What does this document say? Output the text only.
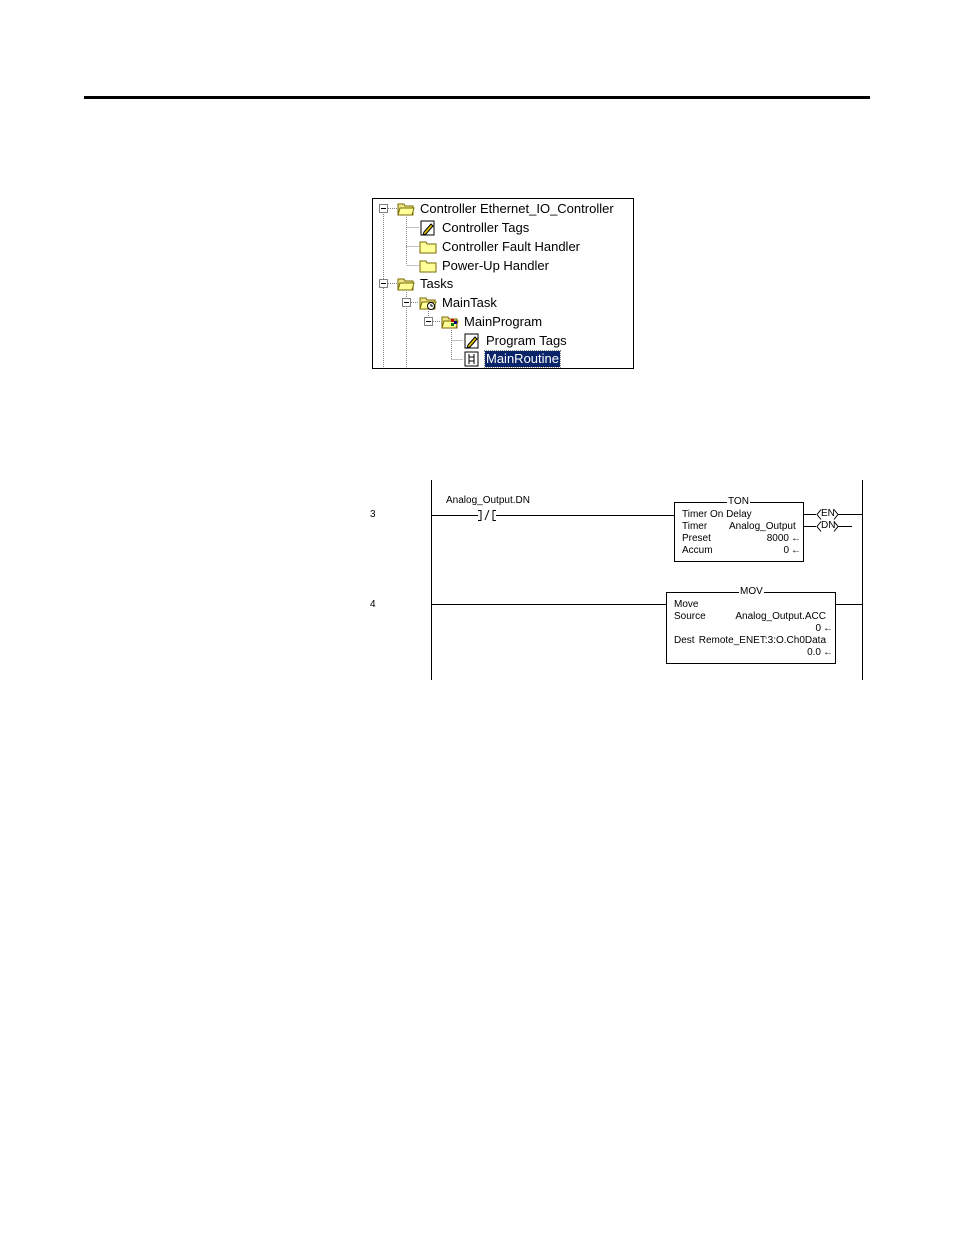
Controller Ethernet_IO_Controller
Controller Tags
Controller Fault Handler
Power-Up Handler
Tasks
MainTask
MainProgram
Program Tags
MainRoutine
3
4
Analog_Output.DN	TON
Timer On Delay
Timer Analog_Output
Preset	8000 ←
Accum	0 ←
EN
DN
MOV
Move
Source	Analog_Output.ACC
0 ←
Dest Remote_ENET:3:O.Ch0Data
0.0 ←
